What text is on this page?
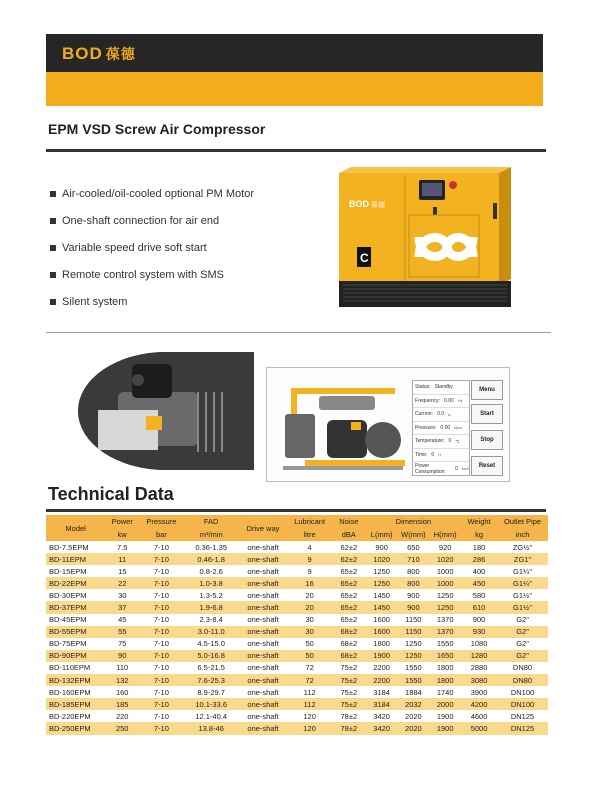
BOD 葆德
EPM VSD Screw Air Compressor
Air-cooled/oil-cooled optional PM Motor
One-shaft connection for air end
Variable speed drive soft start
Remote control system with SMS
Silent system
C
BOD 葆德
Status: Standby
Frequency: 0.00 Hz
Current: 0.0 A
Pressure: 0.00 Mpa
Temperature: 0 ℃
Time: 0 H
Power Consumption:	0 kwh
Menu
Start
Stop
Reset
Technical Data
Model	Power	Pressure	FAD	Drive way	Lubricant	Noise	Dimension			Weight	Outlet Pipe
	kw	bar	m³/min		litre	dBA	L(mm)	W(mm)	H(mm)	kg	inch
BD-7.5EPM	7.5	7-10	0.36-1.35	one-shaft	4	62±2	900	650	920	180	ZG½"
BD-11EPM	11	7-10	0.46-1.8	one-shaft	9	62±2	1020	710	1020	286	ZG1"
BD-15EPM	15	7-10	0.8-2.6	one-shaft	9	65±2	1250	800	1000	400	G1¼"
BD-22EPM	22	7-10	1.0-3.8	one-shaft	16	65±2	1250	800	1000	450	G1¼"
BD-30EPM	30	7-10	1.3-5.2	one-shaft	20	65±2	1450	900	1250	580	G1½"
BD-37EPM	37	7-10	1.9-6.8	one-shaft	20	65±2	1450	900	1250	610	G1½"
BD-45EPM	45	7-10	2.3-8.4	one-shaft	30	65±2	1600	1150	1370	900	G2"
BD-55EPM	55	7-10	3.0-11.0	one-shaft	30	68±2	1600	1150	1370	930	G2"
BD-75EPM	75	7-10	4.5-15.0	one-shaft	50	68±2	1800	1250	1550	1080	G2"
BD-90EPM	90	7-10	5.0-16.8	one-shaft	50	68±2	1900	1250	1650	1280	G2"
BD-110EPM	110	7-10	6.5-21.5	one-shaft	72	75±2	2200	1550	1800	2880	DN80
BD-132EPM	132	7-10	7.6-25.3	one-shaft	72	75±2	2200	1550	1800	3080	DN80
BD-160EPM	160	7-10	8.9-29.7	one-shaft	112	75±2	3184	1884	1740	3900	DN100
BD-185EPM	185	7-10	10.1-33.6	one-shaft	112	75±2	3184	2032	2000	4200	DN100
BD-220EPM	220	7-10	12.1-40.4	one-shaft	120	78±2	3420	2020	1900	4600	DN125
BD-250EPM	250	7-10	13.8-46	one-shaft	120	78±2	3420	2020	1900	5000	DN125
